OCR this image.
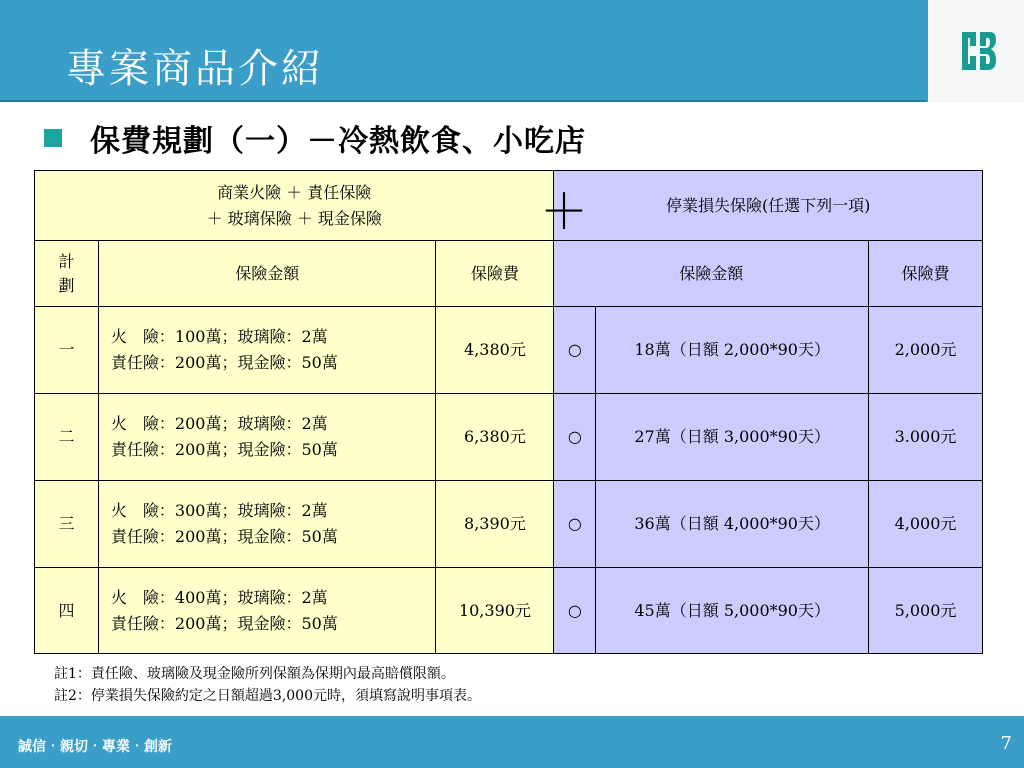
專案商品介紹
保費規劃（一）－冷熱飲食、小吃店
商業火險 ＋ 責任保險
＋ 玻璃保險 ＋ 現金保險			停業損失保險(任選下列一項)		

計劃	保險金額	保險費	保險金額		保險費
一	火　險：100萬；玻璃險：2萬
責任險：200萬；現金險：50萬	4,380元	○	18萬（日額 2,000*90天）	2,000元
二	火　險：200萬；玻璃險：2萬
責任險：200萬；現金險：50萬	6,380元	○	27萬（日額 3,000*90天）	3.000元
三	火　險：300萬；玻璃險：2萬
責任險：200萬；現金險：50萬	8,390元	○	36萬（日額 4,000*90天）	4,000元
四	火　險：400萬；玻璃險：2萬
責任險：200萬；現金險：50萬	10,390元	○	45萬（日額 5,000*90天）	5,000元
＋
註1：責任險、玻璃險及現金險所列保額為保期內最高賠償限額。
註2：停業損失保險約定之日額超過3,000元時，須填寫說明事項表。
誠信‧親切‧專業‧創新	7
